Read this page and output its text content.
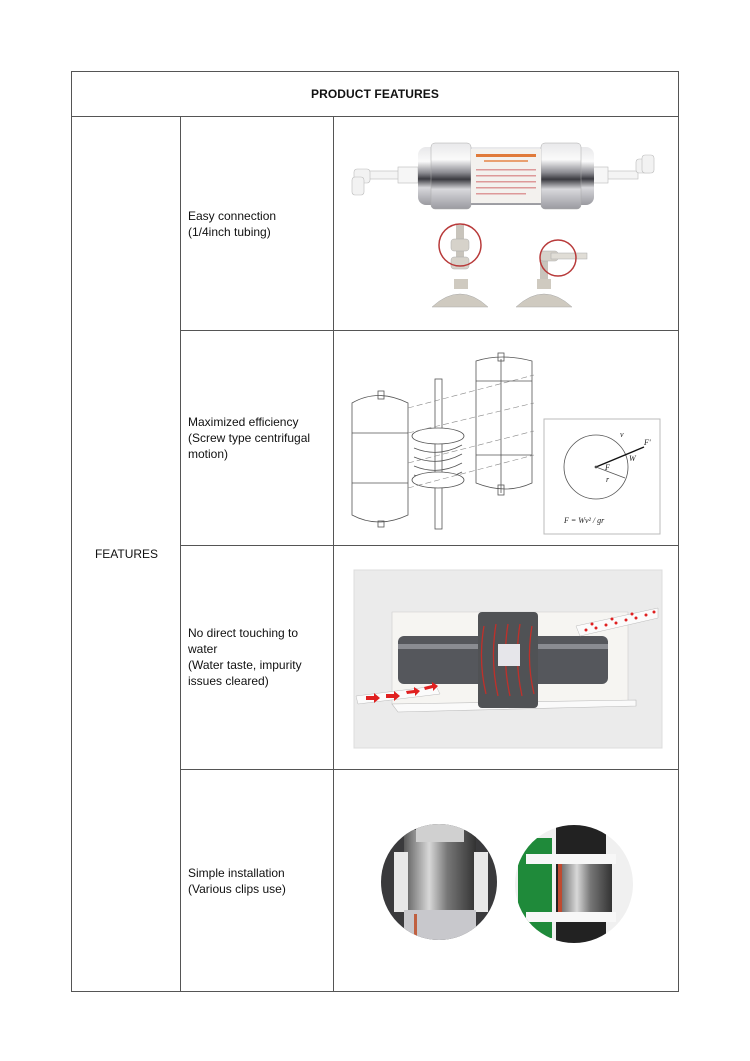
PRODUCT FEATURES
FEATURES
Easy connection
(1/4inch tubing)
Maximized efficiency
(Screw type centrifugal
motion)
v
F'
W
F
r
F = Wv² / gr
No direct touching to
water
(Water taste, impurity
issues cleared)
Simple installation
(Various clips use)
